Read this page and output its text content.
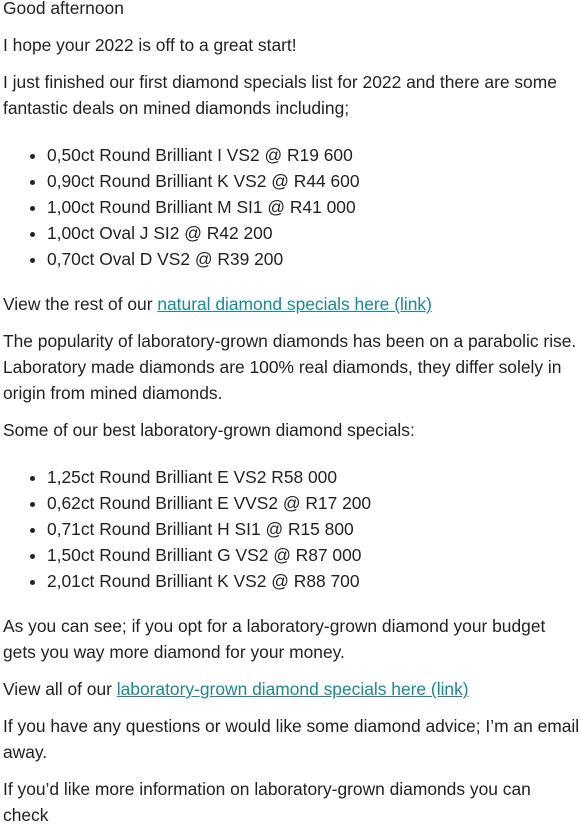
Good afternoon

I hope your 2022 is off to a great start!

I just finished our first diamond specials list for 2022 and there are some fantastic deals on mined diamonds including;

• 0,50ct Round Brilliant I VS2 @ R19 600
• 0,90ct Round Brilliant K VS2 @ R44 600
• 1,00ct Round Brilliant M SI1 @ R41 000
• 1,00ct Oval J SI2 @ R42 200
• 0,70ct Oval D VS2 @ R39 200

View the rest of our natural diamond specials here (link)

The popularity of laboratory-grown diamonds has been on a parabolic rise. Laboratory made diamonds are 100% real diamonds, they differ solely in origin from mined diamonds.

Some of our best laboratory-grown diamond specials:

• 1,25ct Round Brilliant E VS2 R58 000
• 0,62ct Round Brilliant E VVS2 @ R17 200
• 0,71ct Round Brilliant H SI1 @ R15 800
• 1,50ct Round Brilliant G VS2 @ R87 000
• 2,01ct Round Brilliant K VS2 @ R88 700

As you can see; if you opt for a laboratory-grown diamond your budget gets you way more diamond for your money.

View all of our laboratory-grown diamond specials here (link)

If you have any questions or would like some diamond advice; I’m an email away.

If you’d like more information on laboratory-grown diamonds you can check
